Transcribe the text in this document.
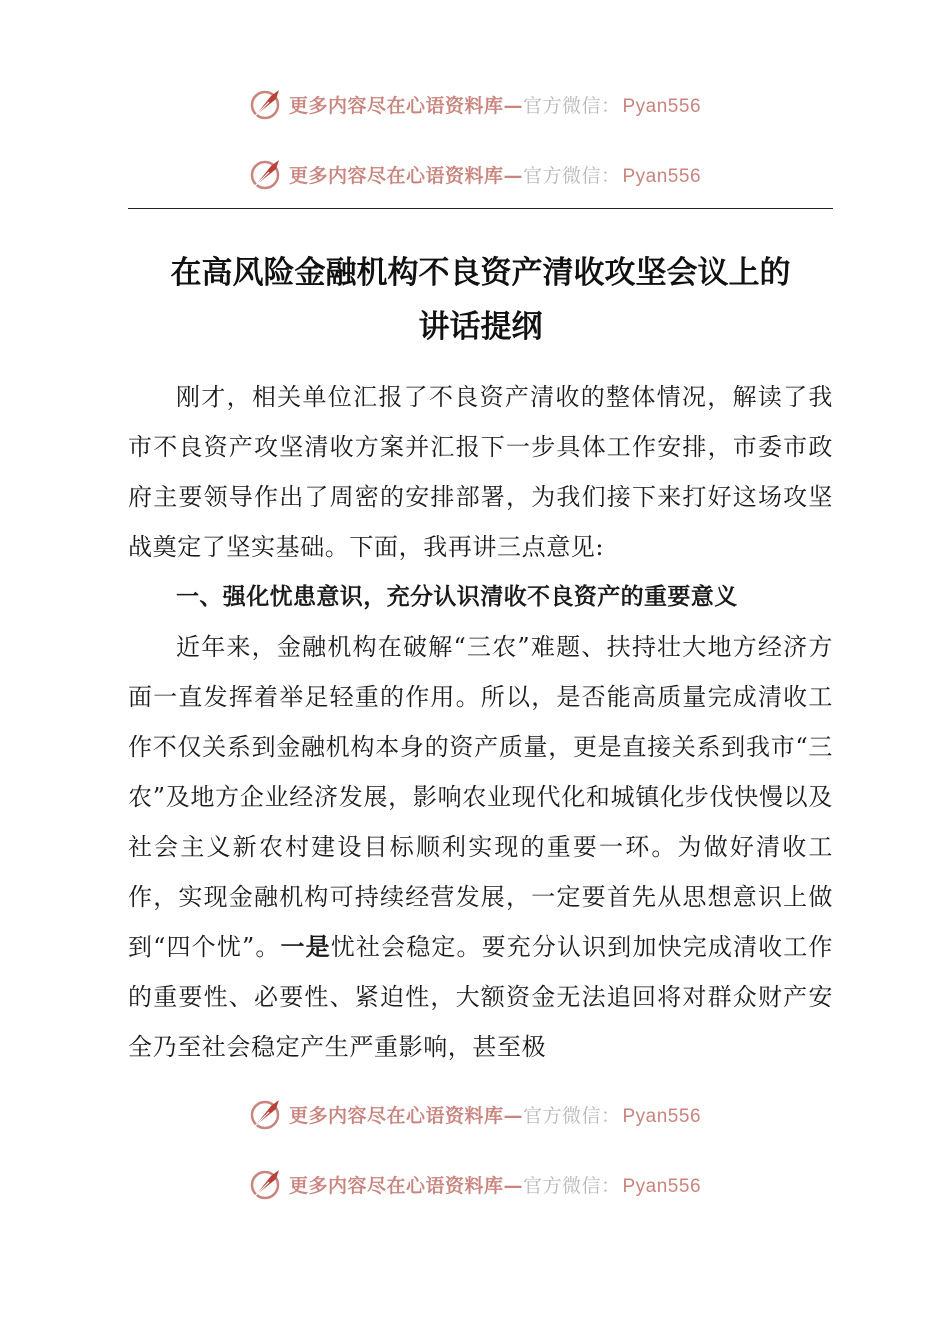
更多内容尽在心语资料库—官方微信： Pyan556
更多内容尽在心语资料库—官方微信： Pyan556
在高风险金融机构不良资产清收攻坚会议上的
讲话提纲

刚才，相关单位汇报了不良资产清收的整体情况，解读了我市不良资产攻坚清收方案并汇报下一步具体工作安排，市委市政府主要领导作出了周密的安排部署，为我们接下来打好这场攻坚战奠定了坚实基础。下面，我再讲三点意见:

一、强化忧患意识，充分认识清收不良资产的重要意义

近年来，金融机构在破解“三农”难题、扶持壮大地方经济方面一直发挥着举足轻重的作用。所以，是否能高质量完成清收工作不仅关系到金融机构本身的资产质量，更是直接关系到我市“三农”及地方企业经济发展，影响农业现代化和城镇化步伐快慢以及社会主义新农村建设目标顺利实现的重要一环。为做好清收工作，实现金融机构可持续经营发展，一定要首先从思想意识上做到“四个忧”。一是忧社会稳定。要充分认识到加快完成清收工作的重要性、必要性、紧迫性，大额资金无法追回将对群众财产安全乃至社会稳定产生严重影响，甚至极

更多内容尽在心语资料库—官方微信： Pyan556
更多内容尽在心语资料库—官方微信： Pyan556
